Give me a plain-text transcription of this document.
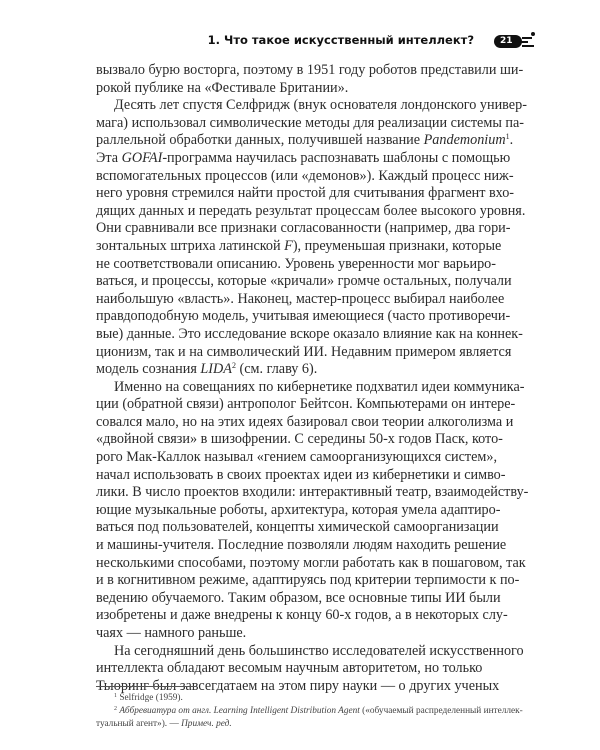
1. Что такое искусственный интеллект?	21
вызвало бурю восторга, поэтому в 1951 году роботов представили ши-
рокой публике на «Фестивале Британии».
Десять лет спустя Селфридж (внук основателя лондонского универ-
мага) использовал символические методы для реализации системы па-
раллельной обработки данных, получившей название Pandemonium$^1$.
Эта GOFAI-программа научилась распознавать шаблоны с помощью
вспомогательных процессов (или «демонов»). Каждый процесс ниж-
него уровня стремился найти простой для считывания фрагмент вхо-
дящих данных и передать результат процессам более высокого уровня.
Они сравнивали все признаки согласованности (например, два гори-
зонтальных штриха латинской F), преуменьшая признаки, которые
не соответствовали описанию. Уровень уверенности мог варьиро-
ваться, и процессы, которые «кричали» громче остальных, получали
наибольшую «власть». Наконец, мастер-процесс выбирал наиболее
правдоподобную модель, учитывая имеющиеся (часто противоречи-
вые) данные. Это исследование вскоре оказало влияние как на коннек-
ционизм, так и на символический ИИ. Недавним примером является
модель сознания LIDA$^2$ (см. главу 6).
Именно на совещаниях по кибернетике подхватил идеи коммуника-
ции (обратной связи) антрополог Бейтсон. Компьютерами он интере-
совался мало, но на этих идеях базировал свои теории алкоголизма и
«двойной связи» в шизофрении. С середины 50-х годов Паск, кото-
рого Мак-Каллок называл «гением самоорганизующихся систем»,
начал использовать в своих проектах идеи из кибернетики и симво-
лики. В число проектов входили: интерактивный театр, взаимодейству-
ющие музыкальные роботы, архитектура, которая умела адаптиро-
ваться под пользователей, концепты химической самоорганизации
и машины-учителя. Последние позволяли людям находить решение
несколькими способами, поэтому могли работать как в пошаговом, так
и в когнитивном режиме, адаптируясь под критерии терпимости к по-
ведению обучаемого. Таким образом, все основные типы ИИ были
изобретены и даже внедрены к концу 60-х годов, а в некоторых слу-
чаях — намного раньше.
На сегодняшний день большинство исследователей искусственного
интеллекта обладают весомым научным авторитетом, но только
Тьюринг был завсегдатаем на этом пиру науки — о других ученых
$^1$ Selfridge (1959).
$^2$ Аббревиатура от англ. Learning Intelligent Distribution Agent («обучаемый распределенный интеллек-
туальный агент»). — Примеч. ред.
